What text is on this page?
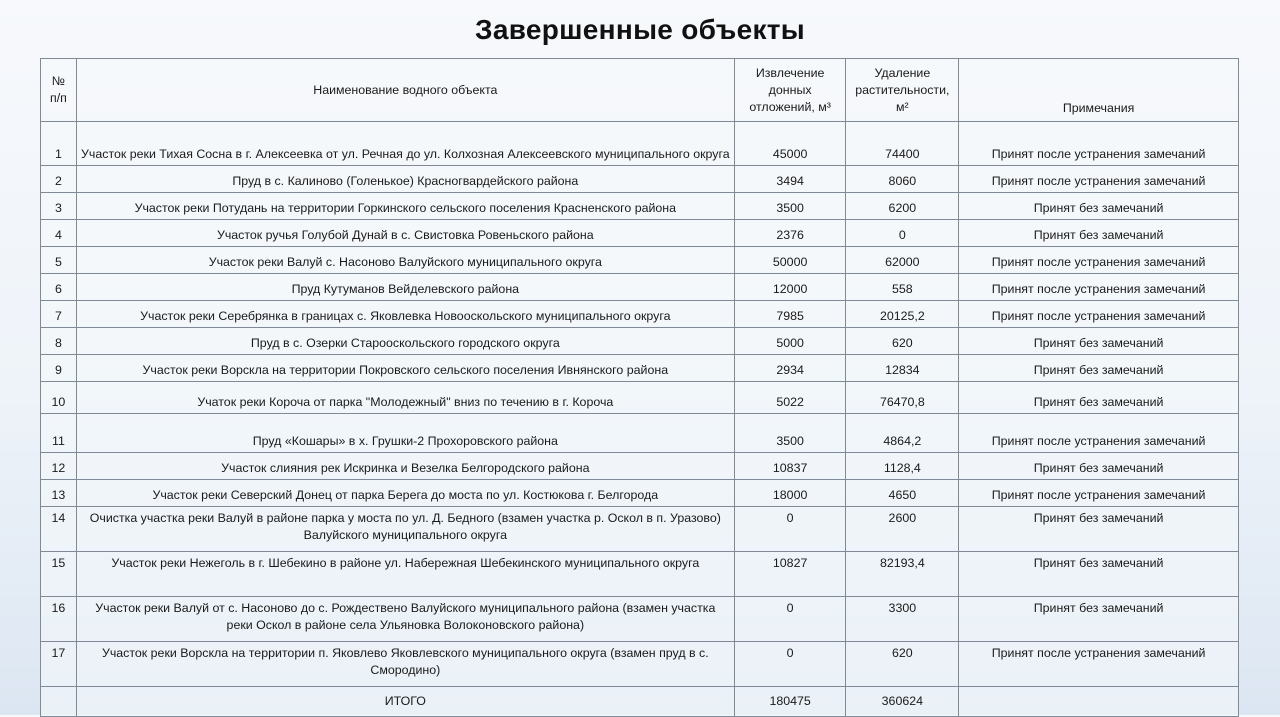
Завершенные объекты
№ п/п	Наименование водного объекта	Извлечение донных отложений, м³	Удаление растительности, м²	Примечания
1	Участок реки Тихая Сосна в г. Алексеевка от ул. Речная до ул. Колхозная Алексеевского муниципального округа	45000	74400	Принят после устранения замечаний
2	Пруд в с. Калиново (Голенькое) Красногвардейского района	3494	8060	Принят после устранения замечаний
3	Участок реки Потудань на территории Горкинского сельского поселения Красненского района	3500	6200	Принят без замечаний
4	Участок ручья Голубой Дунай в с. Свистовка Ровеньского района	2376	0	Принят без замечаний
5	Участок реки Валуй с. Насоново Валуйского муниципального округа	50000	62000	Принят после устранения замечаний
6	Пруд Кутуманов Вейделевского района	12000	558	Принят после устранения замечаний
7	Участок реки Серебрянка в границах с. Яковлевка Новооскольского муниципального округа	7985	20125,2	Принят после устранения замечаний
8	Пруд в с. Озерки Старооскольского городского округа	5000	620	Принят без замечаний
9	Участок реки Ворскла на территории Покровского сельского поселения Ивнянского района	2934	12834	Принят без замечаний
10	Учаток реки Короча от парка "Молодежный" вниз по течению в г. Короча	5022	76470,8	Принят без замечаний
11	Пруд «Кошары» в х. Грушки-2 Прохоровского района	3500	4864,2	Принят после устранения замечаний
12	Участок слияния рек Искринка и Везелка Белгородского района	10837	1128,4	Принят без замечаний
13	Участок реки Северский Донец от парка Берега до моста по ул. Костюкова г. Белгорода	18000	4650	Принят после устранения замечаний
14	Очистка участка реки Валуй в районе парка у моста по ул. Д. Бедного (взамен участка р. Оскол в п. Уразово) Валуйского муниципального округа	0	2600	Принят без замечаний
15	Участок реки Нежеголь в г. Шебекино в районе ул. Набережная Шебекинского муниципального округа	10827	82193,4	Принят без замечаний
16	Участок реки Валуй от с. Насоново до с. Рождествено Валуйского муниципального района (взамен участка реки Оскол в районе села Ульяновка Волоконовского района)	0	3300	Принят без замечаний
17	Участок реки Ворскла на территории п. Яковлево Яковлевского муниципального округа (взамен пруд в с. Смородино)	0	620	Принят после устранения замечаний
	ИТОГО	180475	360624	
